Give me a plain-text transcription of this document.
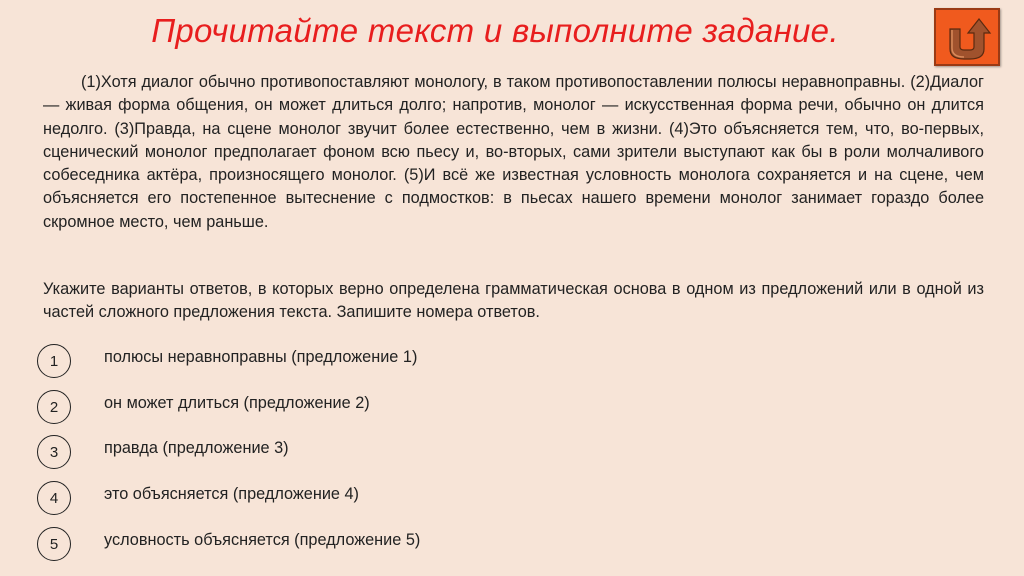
Прочитайте текст и выполните задание.

(1)Хотя диалог обычно противопоставляют монологу, в таком противопоставлении полюсы неравноправны. (2)Диалог — живая форма общения, он может длиться долго; напротив, монолог — искусственная форма речи, обычно он длится недолго. (3)Правда, на сцене монолог звучит более естественно, чем в жизни. (4)Это объясняется тем, что, во-первых, сценический монолог предполагает фоном всю пьесу и, во-вторых, сами зрители выступают как бы в роли молчаливого собеседника актёра, произносящего монолог. (5)И всё же известная условность монолога сохраняется и на сцене, чем объясняется его постепенное вытеснение с подмостков: в пьесах нашего времени монолог занимает гораздо более скромное место, чем раньше.

Укажите варианты ответов, в которых верно определена грамматическая основа в одном из предложений или в одной из частей сложного предложения текста. Запишите номера ответов.

1	полюсы неравноправны (предложение 1)
2	он может длиться (предложение 2)
3	правда (предложение 3)
4	это объясняется (предложение 4)
5	условность объясняется (предложение 5)
